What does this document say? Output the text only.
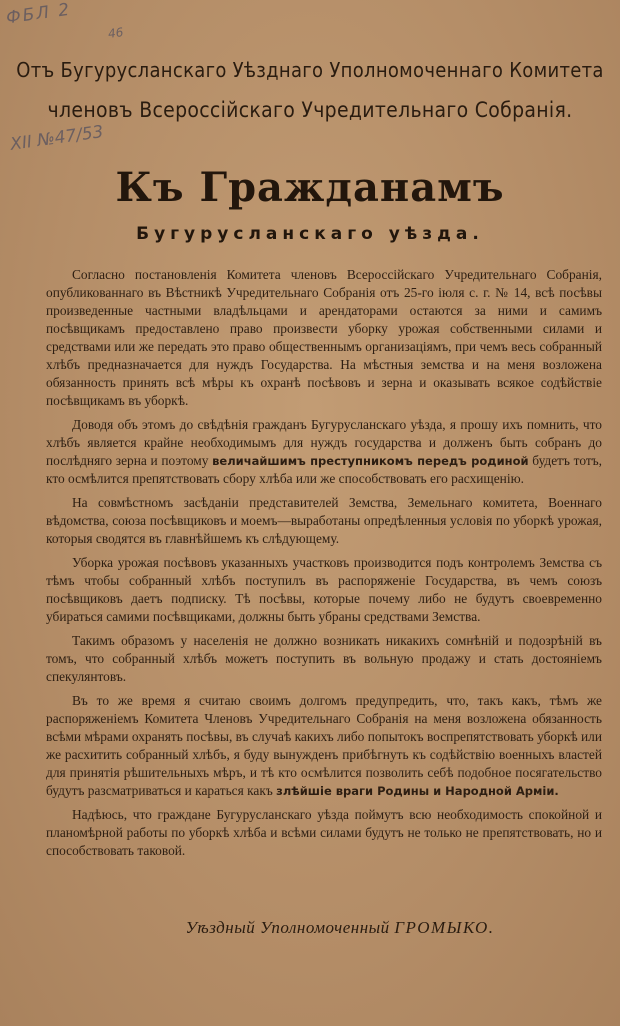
ФБЛ 2
46
XII №47/53
Отъ Бугурусланскаго Уѣзднаго Уполномоченнаго Комитета
членовъ Всероссiйскаго Учредительнаго Собранiя.
Къ Гражданамъ
Бугурусланскаго уѣзда.

Согласно постановленiя Комитета членовъ Всероссiйскаго Учредительнаго Собранiя, опубликованнаго въ Вѣстникѣ Учредительнаго Собранiя отъ 25-го iюля с. г. № 14, всѣ посѣвы произведенные частными владѣльцами и арендаторами остаются за ними и самимъ посѣвщикамъ предоставлено право произвести уборку урожая собственными силами и средствами или же передать это право общественнымъ организацiямъ, при чемъ весь собранный хлѣбъ предназначается для нуждъ Государства. На мѣстныя земства и на меня возложена обязанность принять всѣ мѣры къ охранѣ посѣвовъ и зерна и оказывать всякое содѣйствiе посѣвщикамъ въ уборкѣ.

Доводя объ этомъ до свѣдѣнiя гражданъ Бугурусланскаго уѣзда, я прошу ихъ помнить, что хлѣбъ является крайне необходимымъ для нуждъ государства и долженъ быть собранъ до послѣдняго зерна и поэтому величайшимъ преступникомъ передъ родиной будетъ тотъ, кто осмѣлится препятствовать сбору хлѣба или же способствовать его расхищенiю.

На совмѣстномъ засѣданiи представителей Земства, Земельнаго комитета, Военнаго вѣдомства, союза посѣвщиковъ и моемъ—выработаны опредѣленныя условiя по уборкѣ урожая, которыя сводятся въ главнѣйшемъ къ слѣдующему.

Уборка урожая посѣвовъ указанныхъ участковъ производится подъ контролемъ Земства съ тѣмъ чтобы собранный хлѣбъ поступилъ въ распоряженiе Государства, въ чемъ союзъ посѣвщиковъ даетъ подписку. Тѣ посѣвы, которые почему либо не будутъ своевременно убираться самими посѣвщиками, должны быть убраны средствами Земства.

Такимъ образомъ у населенiя не должно возникать никакихъ сомнѣнiй и подозрѣнiй въ томъ, что собранный хлѣбъ можетъ поступить въ вольную продажу и стать достоянiемъ спекулянтовъ.

Въ то же время я считаю своимъ долгомъ предупредить, что, такъ какъ, тѣмъ же распоряженiемъ Комитета Членовъ Учредительнаго Собранiя на меня возложена обязанность всѣми мѣрами охранять посѣвы, въ случаѣ какихъ либо попытокъ воспрепятствовать уборкѣ или же расхитить собранный хлѣбъ, я буду вынужденъ прибѣгнуть къ содѣйствiю военныхъ властей для принятiя рѣшительныхъ мѣръ, и тѣ кто осмѣлится позволить себѣ подобное посягательство будутъ разсматриваться и караться какъ злѣйшiе враги Родины и Народной Армiи.

Надѣюсь, что граждане Бугурусланскаго уѣзда поймутъ всю необходимость спокойной и планомѣрной работы по уборкѣ хлѣба и всѣми силами будутъ не только не препятствовать, но и способствовать таковой.

Уѣздный Уполномоченный ГРОМЫКО.
